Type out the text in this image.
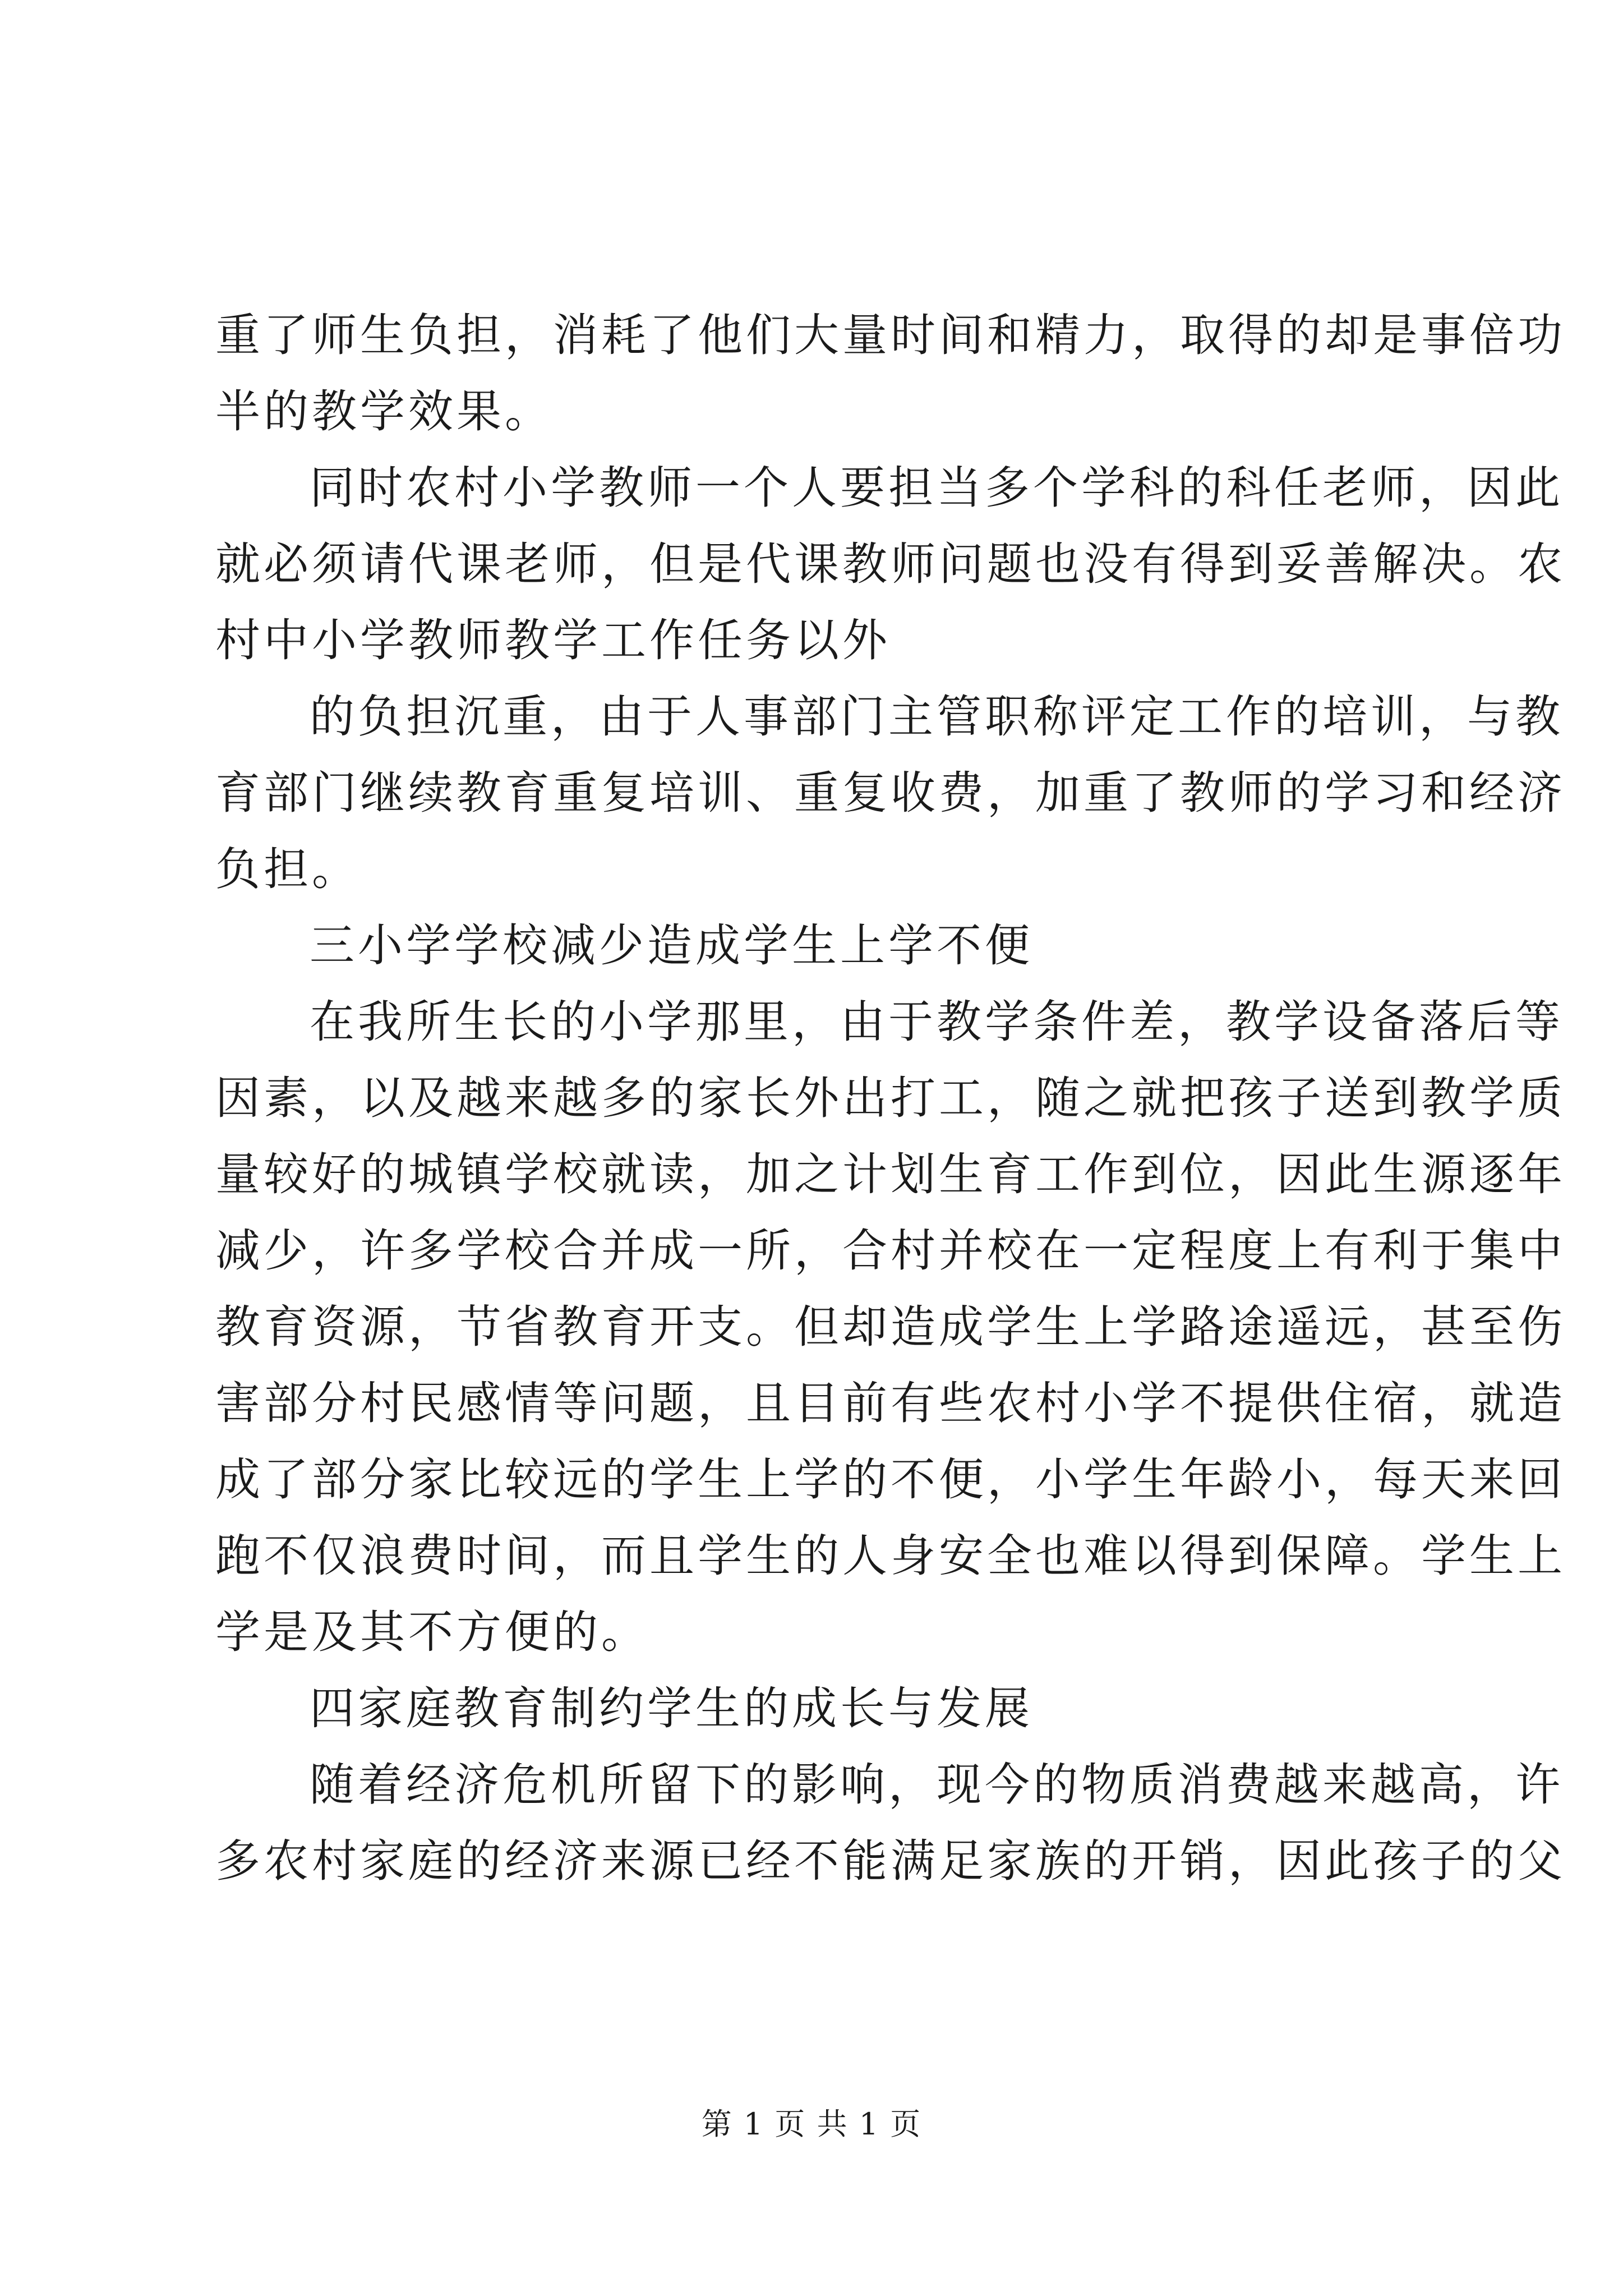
重了师生负担，消耗了他们大量时间和精力，取得的却是事倍功
半的教学效果。
同时农村小学教师一个人要担当多个学科的科任老师，因此
就必须请代课老师，但是代课教师问题也没有得到妥善解决。农
村中小学教师教学工作任务以外
的负担沉重，由于人事部门主管职称评定工作的培训，与教
育部门继续教育重复培训、重复收费，加重了教师的学习和经济
负担。
三小学学校减少造成学生上学不便
在我所生长的小学那里，由于教学条件差，教学设备落后等
因素，以及越来越多的家长外出打工，随之就把孩子送到教学质
量较好的城镇学校就读，加之计划生育工作到位，因此生源逐年
减少，许多学校合并成一所，合村并校在一定程度上有利于集中
教育资源，节省教育开支。但却造成学生上学路途遥远，甚至伤
害部分村民感情等问题，且目前有些农村小学不提供住宿，就造
成了部分家比较远的学生上学的不便，小学生年龄小，每天来回
跑不仅浪费时间，而且学生的人身安全也难以得到保障。学生上
学是及其不方便的。
四家庭教育制约学生的成长与发展
随着经济危机所留下的影响，现今的物质消费越来越高，许
多农村家庭的经济来源已经不能满足家族的开销，因此孩子的父
第 1 页 共 1 页
